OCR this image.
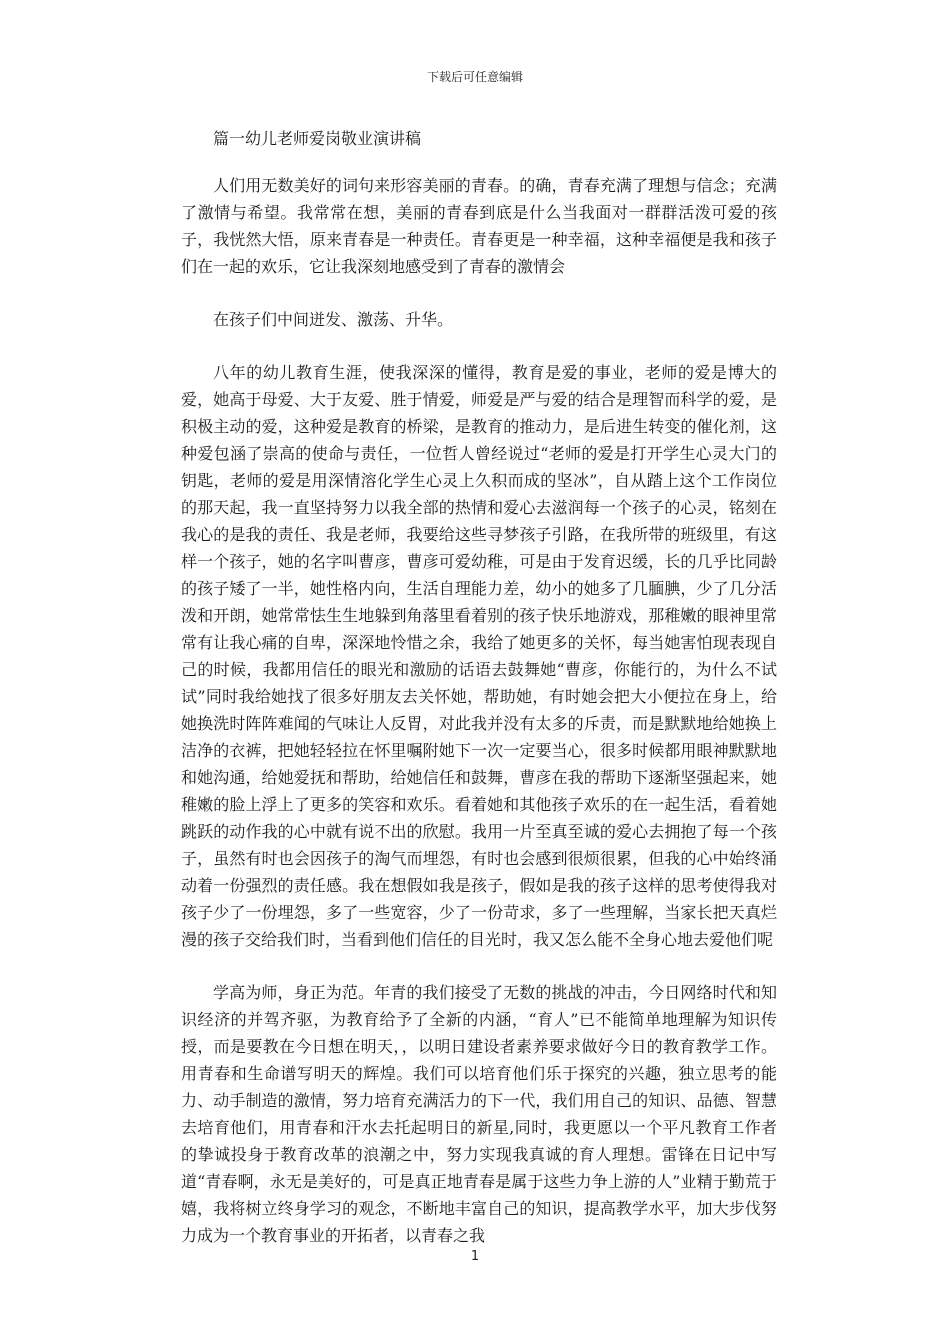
下载后可任意编辑
篇一幼儿老师爱岗敬业演讲稿

人们用无数美好的词句来形容美丽的青春。的确，青春充满了理想与信念；充满了激情与希望。我常常在想，美丽的青春到底是什么当我面对一群群活泼可爱的孩子，我恍然大悟，原来青春是一种责任。青春更是一种幸福，这种幸福便是我和孩子们在一起的欢乐，它让我深刻地感受到了青春的激情会

在孩子们中间迸发、激荡、升华。

八年的幼儿教育生涯，使我深深的懂得，教育是爱的事业，老师的爱是博大的爱，她高于母爱、大于友爱、胜于情爱，师爱是严与爱的结合是理智而科学的爱，是积极主动的爱，这种爱是教育的桥梁，是教育的推动力，是后进生转变的催化剂，这种爱包涵了崇高的使命与责任，一位哲人曾经说过“老师的爱是打开学生心灵大门的钥匙，老师的爱是用深情溶化学生心灵上久积而成的坚冰”，自从踏上这个工作岗位的那天起，我一直坚持努力以我全部的热情和爱心去滋润每一个孩子的心灵，铭刻在我心的是我的责任、我是老师，我要给这些寻梦孩子引路，在我所带的班级里，有这样一个孩子，她的名字叫曹彦，曹彦可爱幼稚，可是由于发育迟缓，长的几乎比同龄的孩子矮了一半，她性格内向，生活自理能力差，幼小的她多了几腼腆，少了几分活泼和开朗，她常常怯生生地躲到角落里看着别的孩子快乐地游戏，那稚嫩的眼神里常常有让我心痛的自卑，深深地怜惜之余，我给了她更多的关怀，每当她害怕现表现自己的时候，我都用信任的眼光和激励的话语去鼓舞她“曹彦，你能行的，为什么不试试”同时我给她找了很多好朋友去关怀她，帮助她，有时她会把大小便拉在身上，给她换洗时阵阵难闻的气味让人反胃，对此我并没有太多的斥责，而是默默地给她换上洁净的衣裤，把她轻轻拉在怀里嘱附她下一次一定要当心，很多时候都用眼神默默地和她沟通，给她爱抚和帮助，给她信任和鼓舞，曹彦在我的帮助下逐渐坚强起来，她稚嫩的脸上浮上了更多的笑容和欢乐。看着她和其他孩子欢乐的在一起生活，看着她跳跃的动作我的心中就有说不出的欣慰。我用一片至真至诚的爱心去拥抱了每一个孩子，虽然有时也会因孩子的淘气而埋怨，有时也会感到很烦很累，但我的心中始终涌动着一份强烈的责任感。我在想假如我是孩子，假如是我的孩子这样的思考使得我对孩子少了一份埋怨，多了一些宽容，少了一份苛求，多了一些理解，当家长把天真烂漫的孩子交给我们时，当看到他们信任的目光时，我又怎么能不全身心地去爱他们呢

学高为师，身正为范。年青的我们接受了无数的挑战的冲击，今日网络时代和知识经济的并驾齐驱，为教育给予了全新的内涵，“育人”已不能简单地理解为知识传授，而是要教在今日想在明天，，以明日建设者素养要求做好今日的教育教学工作。用青春和生命谱写明天的辉煌。我们可以培育他们乐于探究的兴趣，独立思考的能力、动手制造的激情，努力培育充满活力的下一代，我们用自己的知识、品德、智慧去培育他们，用青春和汗水去托起明日的新星,同时，我更愿以一个平凡教育工作者的挚诚投身于教育改革的浪潮之中，努力实现我真诚的育人理想。雷锋在日记中写道“青春啊，永无是美好的，可是真正地青春是属于这些力争上游的人”业精于勤荒于嬉，我将树立终身学习的观念，不断地丰富自己的知识，提高教学水平，加大步伐努力成为一个教育事业的开拓者，以青春之我

1
